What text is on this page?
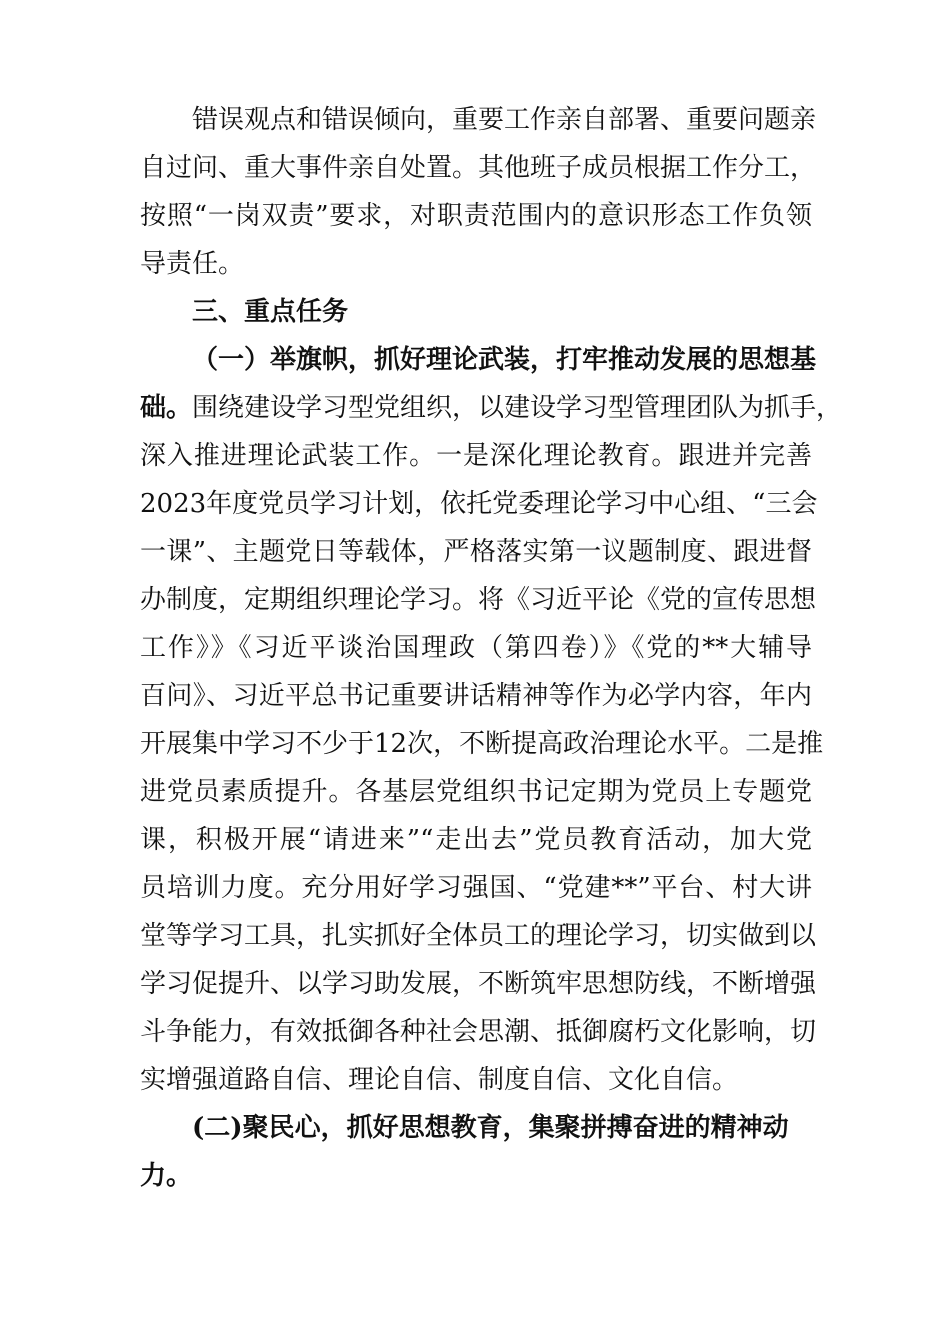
错误观点和错误倾向，重要工作亲自部署、重要问题亲
自过问、重大事件亲自处置。其他班子成员根据工作分工，
按照“一岗双责”要求，对职责范围内的意识形态工作负领
导责任。
三、重点任务
（一）举旗帜，抓好理论武装，打牢推动发展的思想基
础。围绕建设学习型党组织，以建设学习型管理团队为抓手，
深入推进理论武装工作。一是深化理论教育。跟进并完善
2023年度党员学习计划，依托党委理论学习中心组、“三会
一课”、主题党日等载体，严格落实第一议题制度、跟进督
办制度，定期组织理论学习。将《习近平论《党的宣传思想
工作》》《习近平谈治国理政（第四卷）》《党的**大辅导
百问》、习近平总书记重要讲话精神等作为必学内容，年内
开展集中学习不少于12次，不断提高政治理论水平。二是推
进党员素质提升。各基层党组织书记定期为党员上专题党
课，积极开展“请进来”“走出去”党员教育活动，加大党
员培训力度。充分用好学习强国、“党建**”平台、村大讲
堂等学习工具，扎实抓好全体员工的理论学习，切实做到以
学习促提升、以学习助发展，不断筑牢思想防线，不断增强
斗争能力，有效抵御各种社会思潮、抵御腐朽文化影响，切
实增强道路自信、理论自信、制度自信、文化自信。
(二)聚民心，抓好思想教育，集聚拼搏奋进的精神动
力。
